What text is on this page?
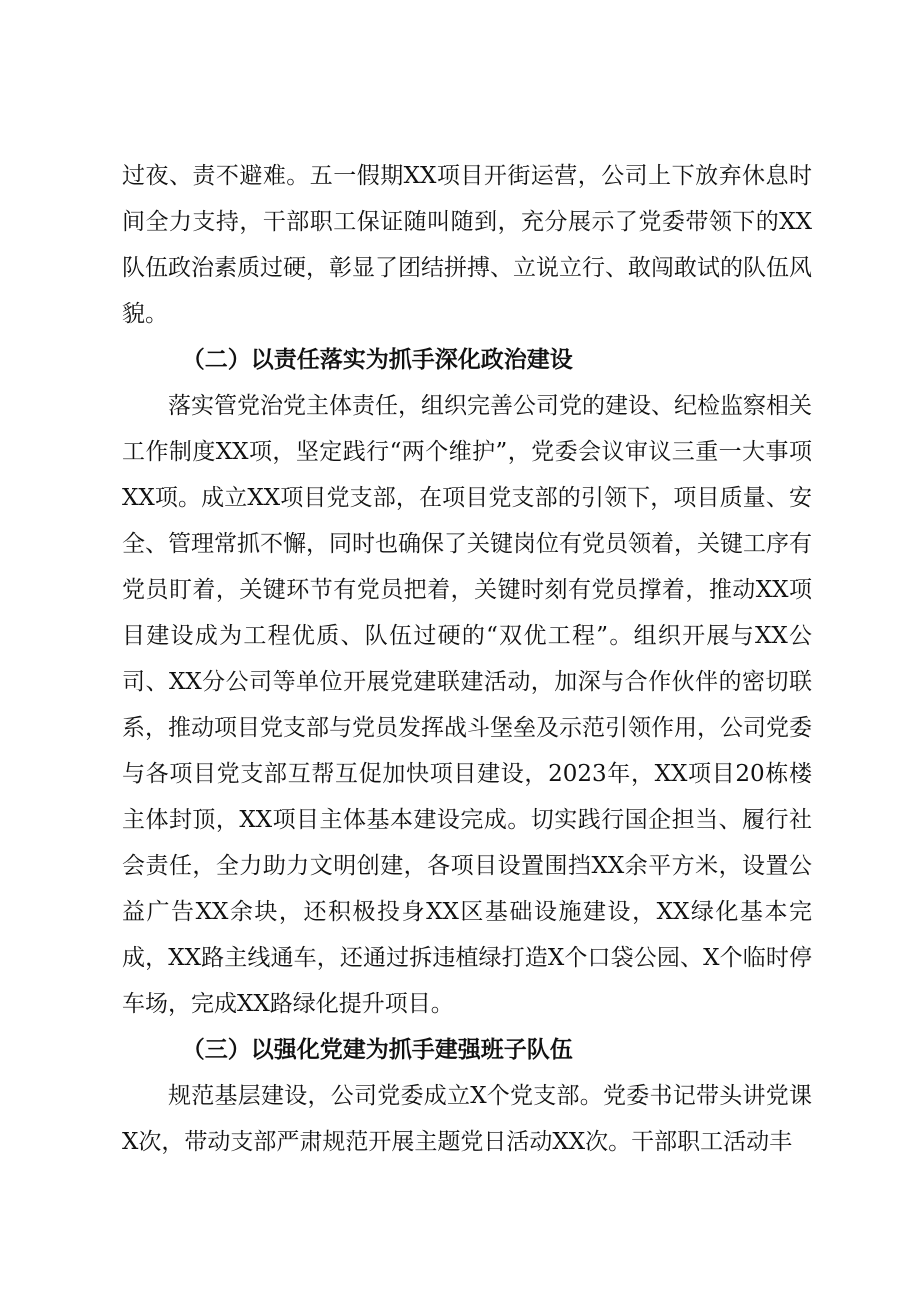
过夜、责不避难。五一假期XX项目开街运营，公司上下放弃休息时间全力支持，干部职工保证随叫随到，充分展示了党委带领下的XX队伍政治素质过硬，彰显了团结拼搏、立说立行、敢闯敢试的队伍风貌。

（二）以责任落实为抓手深化政治建设

落实管党治党主体责任，组织完善公司党的建设、纪检监察相关工作制度XX项，坚定践行“两个维护”，党委会议审议三重一大事项XX项。成立XX项目党支部，在项目党支部的引领下，项目质量、安全、管理常抓不懈，同时也确保了关键岗位有党员领着，关键工序有党员盯着，关键环节有党员把着，关键时刻有党员撑着，推动XX项目建设成为工程优质、队伍过硬的“双优工程”。组织开展与XX公司、XX分公司等单位开展党建联建活动，加深与合作伙伴的密切联系，推动项目党支部与党员发挥战斗堡垒及示范引领作用，公司党委与各项目党支部互帮互促加快项目建设，2023年，XX项目20栋楼主体封顶，XX项目主体基本建设完成。切实践行国企担当、履行社会责任，全力助力文明创建，各项目设置围挡XX余平方米，设置公益广告XX余块，还积极投身XX区基础设施建设，XX绿化基本完成，XX路主线通车，还通过拆违植绿打造X个口袋公园、X个临时停车场，完成XX路绿化提升项目。

（三）以强化党建为抓手建强班子队伍

规范基层建设，公司党委成立X个党支部。党委书记带头讲党课X次，带动支部严肃规范开展主题党日活动XX次。干部职工活动丰
